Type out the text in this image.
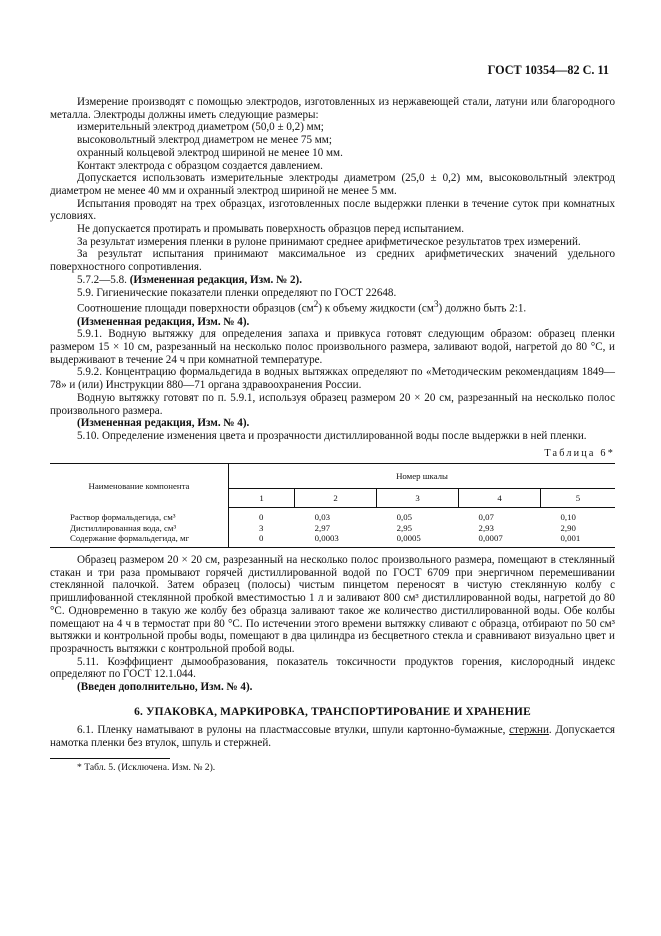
ГОСТ 10354—82 С. 11

Измерение производят с помощью электродов, изготовленных из нержавеющей стали, латуни или благородного металла. Электроды должны иметь следующие размеры:

измерительный электрод диаметром (50,0 ± 0,2) мм;

высоковольтный электрод диаметром не менее 75 мм;

охранный кольцевой электрод шириной не менее 10 мм.

Контакт электрода с образцом создается давлением.

Допускается использовать измерительные электроды диаметром (25,0 ± 0,2) мм, высоковольтный электрод диаметром не менее 40 мм и охранный электрод шириной не менее 5 мм.

Испытания проводят на трех образцах, изготовленных после выдержки пленки в течение суток при комнатных условиях.

Не допускается протирать и промывать поверхность образцов перед испытанием.

За результат измерения пленки в рулоне принимают среднее арифметическое результатов трех измерений.

За результат испытания принимают максимальное из средних арифметических значений удельного поверхностного сопротивления.

5.7.2—5.8. (Измененная редакция, Изм. № 2).

5.9. Гигиенические показатели пленки определяют по ГОСТ 22648.

Соотношение площади поверхности образцов $(см^2)$ к объему жидкости $(см^3)$ должно быть 2:1.

(Измененная редакция, Изм. № 4).

5.9.1. Водную вытяжку для определения запаха и привкуса готовят следующим образом: образец пленки размером 15 × 10 см, разрезанный на несколько полос произвольного размера, заливают водой, нагретой до 80 °С, и выдерживают в течение 24 ч при комнатной температуре.

5.9.2. Концентрацию формальдегида в водных вытяжках определяют по «Методическим рекомендациям 1849—78» и (или) Инструкции 880—71 органа здравоохранения России.

Водную вытяжку готовят по п. 5.9.1, используя образец размером 20 × 20 см, разрезанный на несколько полос произвольного размера.

(Измененная редакция, Изм. № 4).

5.10. Определение изменения цвета и прозрачности дистиллированной воды после выдержки в ней пленки.

Таблица 6*
Наименование компонента	Номер шкалы				
	1	2	3	4	5
Раствор формальдегида, см³	0	0,03	0,05	0,07	0,10
Дистиллированная вода, см³	3	2,97	2,95	2,93	2,90
Содержание формальдегида, мг	0	0,0003	0,0005	0,0007	0,001

Образец размером 20 × 20 см, разрезанный на несколько полос произвольного размера, помещают в стеклянный стакан и три раза промывают горячей дистиллированной водой по ГОСТ 6709 при энергичном перемешивании стеклянной палочкой. Затем образец (полосы) чистым пинцетом переносят в чистую стеклянную колбу с пришлифованной стеклянной пробкой вместимостью 1 л и заливают 800 см³ дистиллированной воды, нагретой до 80 °С. Одновременно в такую же колбу без образца заливают такое же количество дистиллированной воды. Обе колбы помещают на 4 ч в термостат при 80 °С. По истечении этого времени вытяжку сливают с образца, отбирают по 50 см³ вытяжки и контрольной пробы воды, помещают в два цилиндра из бесцветного стекла и сравнивают визуально цвет и прозрачность вытяжки с контрольной пробой воды.

5.11. Коэффициент дымообразования, показатель токсичности продуктов горения, кислородный индекс определяют по ГОСТ 12.1.044.

(Введен дополнительно, Изм. № 4).

6. УПАКОВКА, МАРКИРОВКА, ТРАНСПОРТИРОВАНИЕ И ХРАНЕНИЕ

6.1. Пленку наматывают в рулоны на пластмассовые втулки, шпули картонно-бумажные, стержни. Допускается намотка пленки без втулок, шпуль и стержней.

* Табл. 5. (Исключена. Изм. № 2).
